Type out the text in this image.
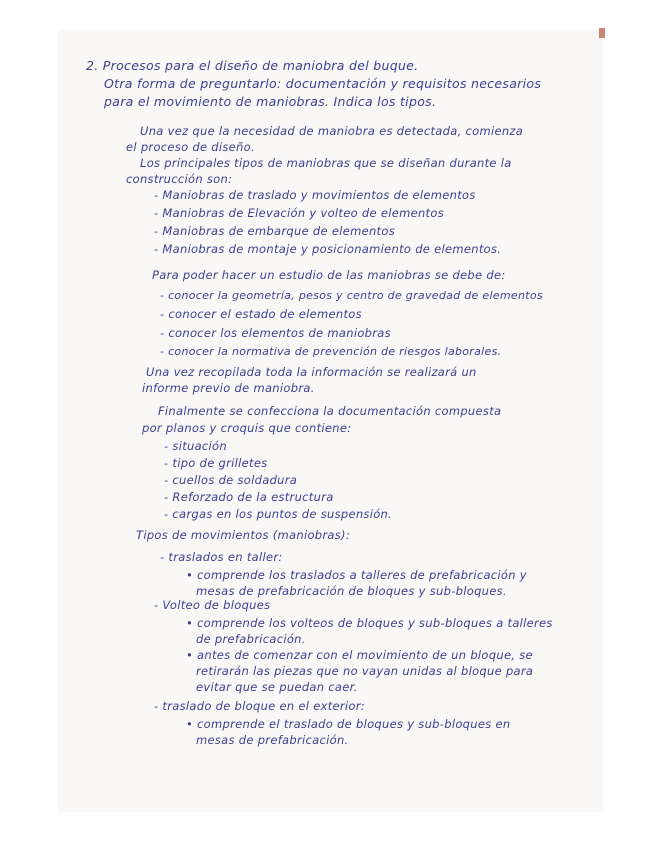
2. Procesos para el diseño de maniobra del buque.
Otra forma de preguntarlo: documentación y requisitos necesarios
para el movimiento de maniobras. Indica los tipos.
Una vez que la necesidad de maniobra es detectada, comienza
el proceso de diseño.
Los principales tipos de maniobras que se diseñan durante la
construcción son:
- Maniobras de traslado y movimientos de elementos
- Maniobras de Elevación y volteo de elementos
- Maniobras de embarque de elementos
- Maniobras de montaje y posicionamiento de elementos.
Para poder hacer un estudio de las maniobras se debe de:
- conocer la geometría, pesos y centro de gravedad de elementos
- conocer el estado de elementos
- conocer los elementos de maniobras
- conocer la normativa de prevención de riesgos laborales.
Una vez recopilada toda la información se realizará un
informe previo de maniobra.
Finalmente se confecciona la documentación compuesta
por planos y croquis que contiene:
- situación
- tipo de grilletes
- cuellos de soldadura
- Reforzado de la estructura
- cargas en los puntos de suspensión.
Tipos de movimientos (maniobras):
- traslados en taller:
• comprende los traslados a talleres de prefabricación y
mesas de prefabricación de bloques y sub-bloques.
- Volteo de bloques
• comprende los volteos de bloques y sub-bloques a talleres
de prefabricación.
• antes de comenzar con el movimiento de un bloque, se
retirarán las piezas que no vayan unidas al bloque para
evitar que se puedan caer.
- traslado de bloque en el exterior:
• comprende el traslado de bloques y sub-bloques en
mesas de prefabricación.
